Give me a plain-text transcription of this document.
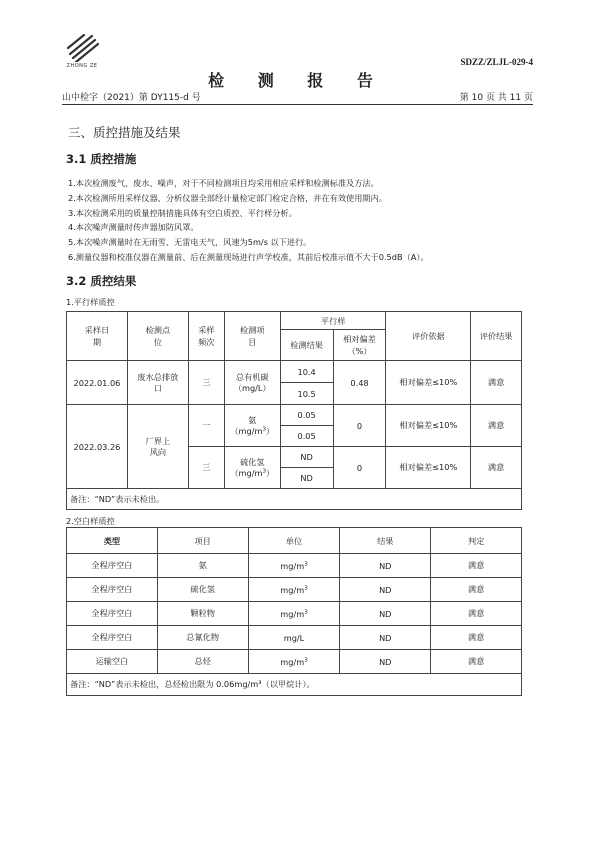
ZHONG ZE	SDZZ/ZLJL-029-4
检 测 报 告
山中检字（2021）第 DY115-d 号	第 10 页 共 11 页
三、质控措施及结果
3.1 质控措施
1.本次检测废气、废水、噪声，对于不同检测项目均采用相应采样和检测标准及方法。
2.本次检测所用采样仪器、分析仪器全部经计量检定部门检定合格，并在有效使用期内。
3.本次检测采用的质量控制措施具体有空白质控、平行样分析。
4.本次噪声测量时传声器加防风罩。
5.本次噪声测量时在无雨雪、无雷电天气，风速为5m/s 以下进行。
6.测量仪器和校准仪器在测量前、后在测量现场进行声学校准，其前后校准示值不大于0.5dB（A）。
3.2 质控结果
1.平行样质控
采样日期	检测点位	采样频次	检测项目	平行样		评价依据	评价结果
				检测结果	相对偏差（%）		
2022.01.06	废水总排放口	三	总有机碳
（mg/L）	10.4	0.48	相对偏差≤10%	满意
				10.5			
2022.03.26	厂界上风向	一	氨
$(mg/m^3)$	0.05	0	相对偏差≤10%	满意
				0.05			
		三	硫化氢
$(mg/m^3)$	ND	0	相对偏差≤10%	满意
				ND			
备注：“ND”表示未检出。							
2.空白样质控
类型	项目	单位	结果	判定
全程序空白	氨	$mg/m^3$	ND	满意
全程序空白	硫化氢	$mg/m^3$	ND	满意
全程序空白	颗粒物	$mg/m^3$	ND	满意
全程序空白	总氰化物	mg/L	ND	满意
运输空白	总烃	$mg/m^3$	ND	满意
备注：“ND”表示未检出，总烃检出限为 0.06mg/m³（以甲烷计）。				
